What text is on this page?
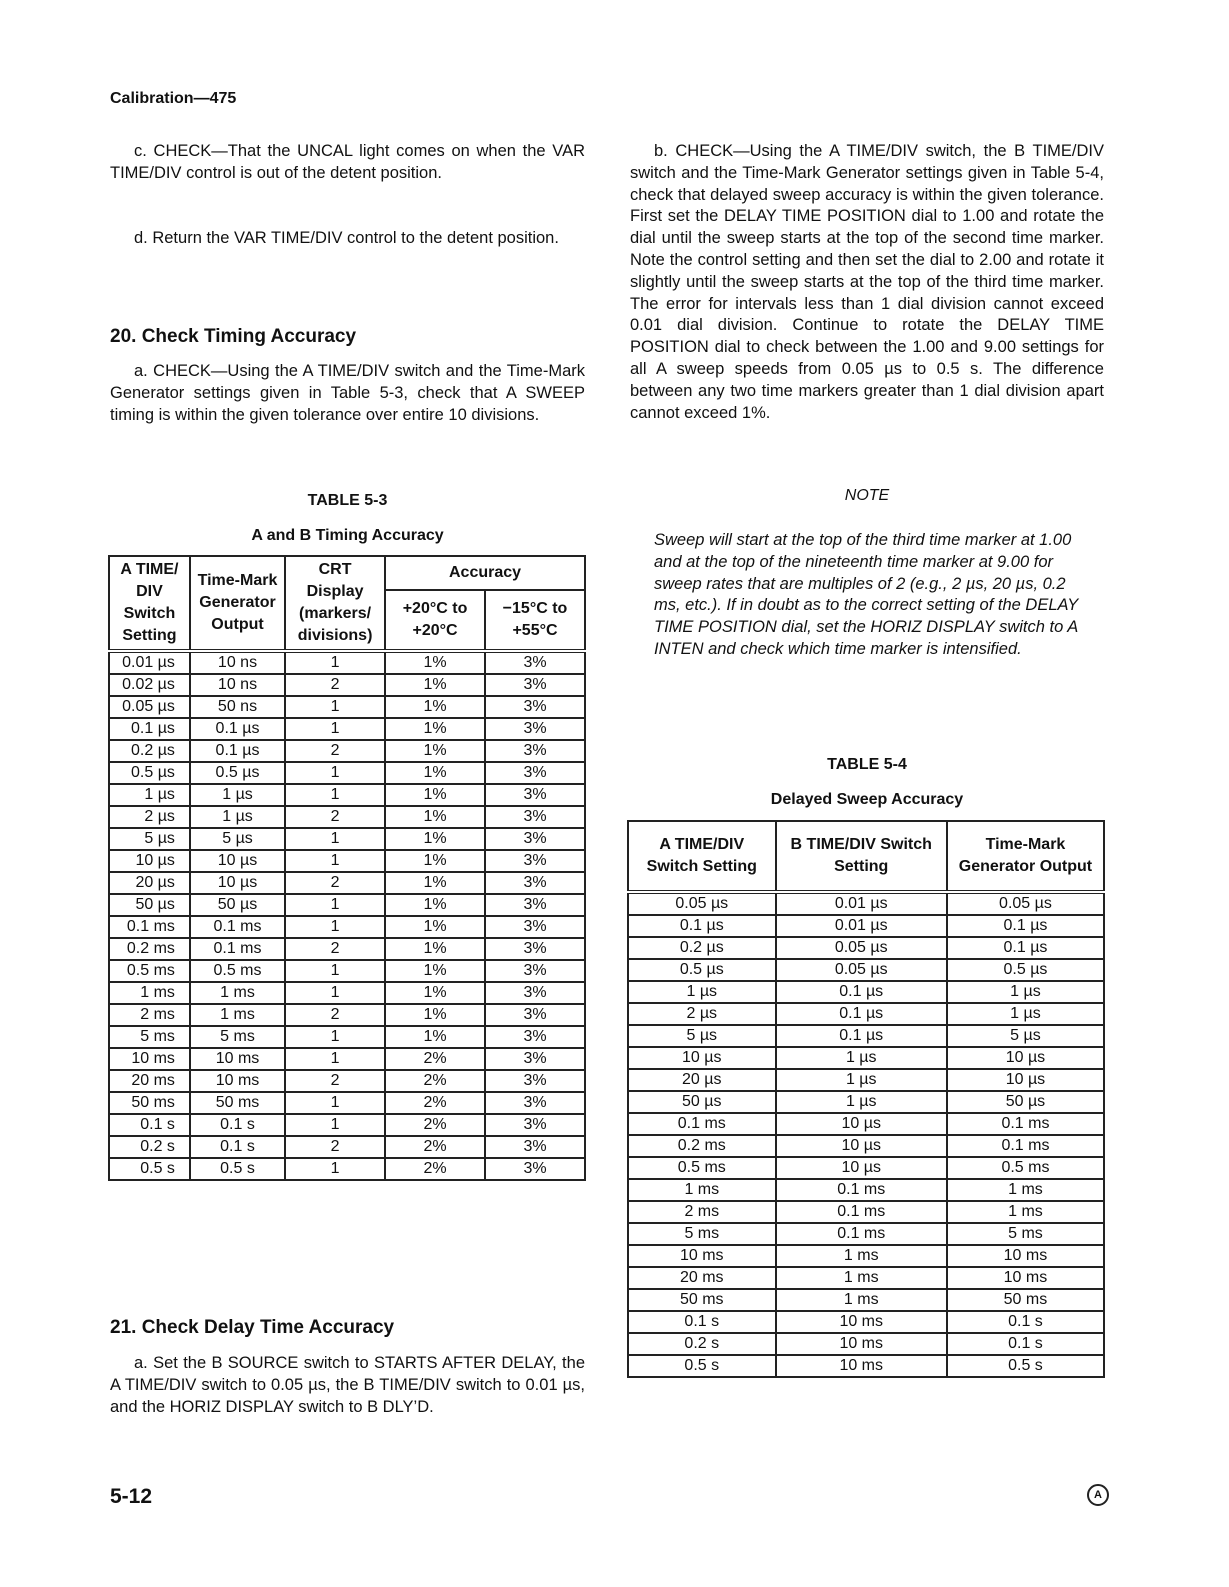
Calibration—475

c. CHECK—That the UNCAL light comes on when the VAR TIME/DIV control is out of the detent position.

d. Return the VAR TIME/DIV control to the detent position.

20. Check Timing Accuracy

a. CHECK—Using the A TIME/DIV switch and the Time-Mark Generator settings given in Table 5-3, check that A SWEEP timing is within the given tolerance over entire 10 divisions.

TABLE 5-3
A and B Timing Accuracy
A TIME/ DIV Switch Setting	Time-Mark Generator Output	CRT Display (markers/ divisions)	Accuracy	
			+20°C to +20°C	−15°C to +55°C
0.01 µs	10 ns	1	1%	3%
0.02 µs	10 ns	2	1%	3%
0.05 µs	50 ns	1	1%	3%
0.1 µs	0.1 µs	1	1%	3%
0.2 µs	0.1 µs	2	1%	3%
0.5 µs	0.5 µs	1	1%	3%
1 µs	1 µs	1	1%	3%
2 µs	1 µs	2	1%	3%
5 µs	5 µs	1	1%	3%
10 µs	10 µs	1	1%	3%
20 µs	10 µs	2	1%	3%
50 µs	50 µs	1	1%	3%
0.1 ms	0.1 ms	1	1%	3%
0.2 ms	0.1 ms	2	1%	3%
0.5 ms	0.5 ms	1	1%	3%
1 ms	1 ms	1	1%	3%
2 ms	1 ms	2	1%	3%
5 ms	5 ms	1	1%	3%
10 ms	10 ms	1	2%	3%
20 ms	10 ms	2	2%	3%
50 ms	50 ms	1	2%	3%
0.1 s	0.1 s	1	2%	3%
0.2 s	0.1 s	2	2%	3%
0.5 s	0.5 s	1	2%	3%
21. Check Delay Time Accuracy

a. Set the B SOURCE switch to STARTS AFTER DELAY, the A TIME/DIV switch to 0.05 µs, the B TIME/DIV switch to 0.01 µs, and the HORIZ DISPLAY switch to B DLY’D.

b. CHECK—Using the A TIME/DIV switch, the B TIME/DIV switch and the Time-Mark Generator settings given in Table 5-4, check that delayed sweep accuracy is within the given tolerance. First set the DELAY TIME POSITION dial to 1.00 and rotate the dial until the sweep starts at the top of the second time marker. Note the control setting and then set the dial to 2.00 and rotate it slightly until the sweep starts at the top of the third time marker. The error for intervals less than 1 dial division cannot exceed 0.01 dial division. Continue to rotate the DELAY TIME POSITION dial to check between the 1.00 and 9.00 settings for all A sweep speeds from 0.05 µs to 0.5 s. The difference between any two time markers greater than 1 dial division apart cannot exceed 1%.

NOTE
Sweep will start at the top of the third time marker at 1.00 and at the top of the nineteenth time marker at 9.00 for sweep rates that are multiples of 2 (e.g., 2 µs, 20 µs, 0.2 ms, etc.). If in doubt as to the correct setting of the DELAY TIME POSITION dial, set the HORIZ DISPLAY switch to A INTEN and check which time marker is intensified.
TABLE 5-4
Delayed Sweep Accuracy
A TIME/DIV Switch Setting	B TIME/DIV Switch Setting	Time-Mark Generator Output
0.05 µs	0.01 µs	0.05 µs
0.1 µs	0.01 µs	0.1 µs
0.2 µs	0.05 µs	0.1 µs
0.5 µs	0.05 µs	0.5 µs
1 µs	0.1 µs	1 µs
2 µs	0.1 µs	1 µs
5 µs	0.1 µs	5 µs
10 µs	1 µs	10 µs
20 µs	1 µs	10 µs
50 µs	1 µs	50 µs
0.1 ms	10 µs	0.1 ms
0.2 ms	10 µs	0.1 ms
0.5 ms	10 µs	0.5 ms
1 ms	0.1 ms	1 ms
2 ms	0.1 ms	1 ms
5 ms	0.1 ms	5 ms
10 ms	1 ms	10 ms
20 ms	1 ms	10 ms
50 ms	1 ms	50 ms
0.1 s	10 ms	0.1 s
0.2 s	10 ms	0.1 s
0.5 s	10 ms	0.5 s
5-12	A
